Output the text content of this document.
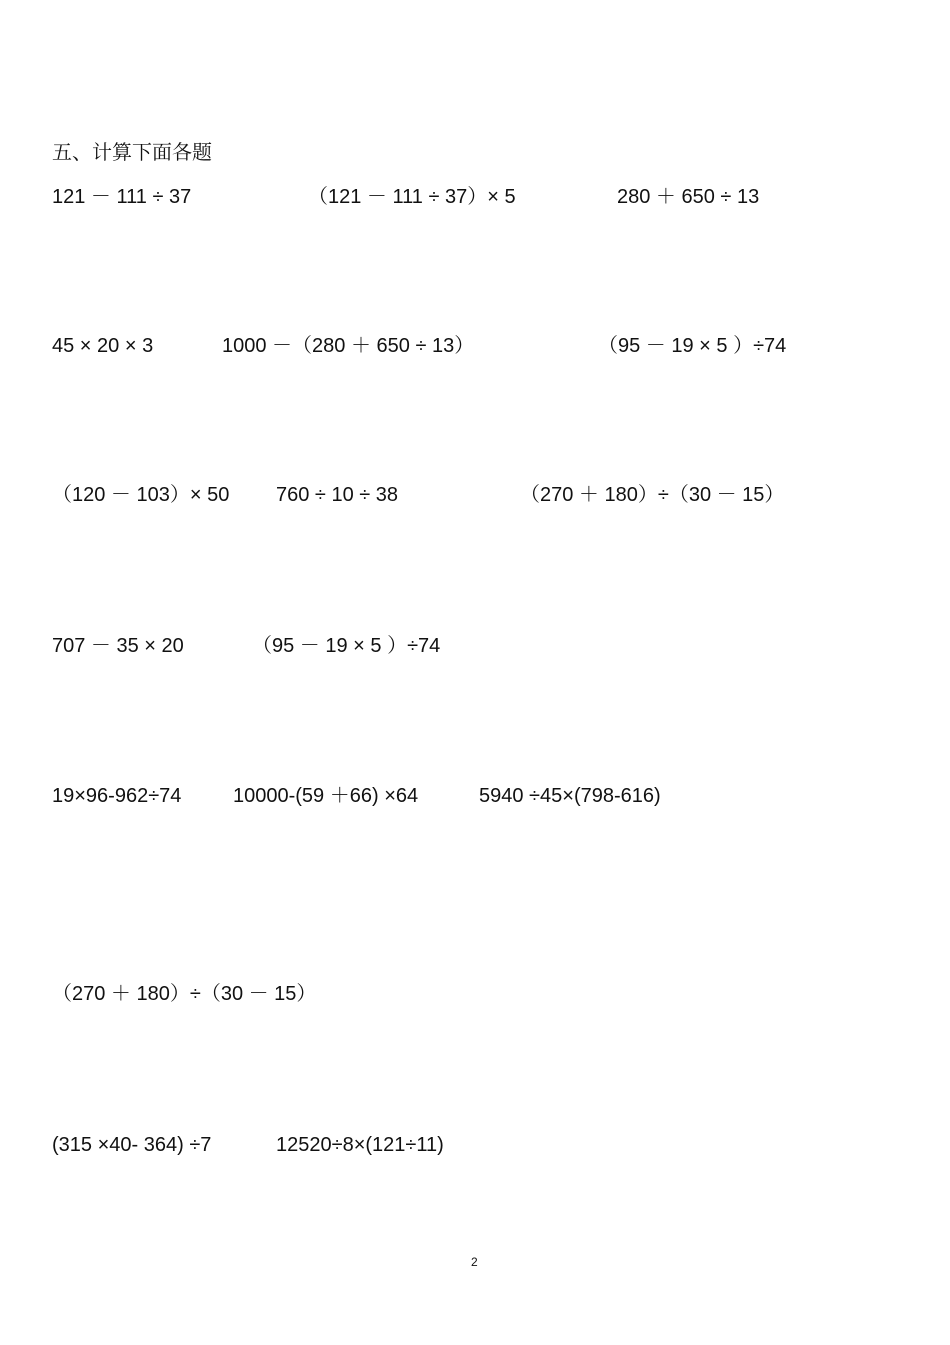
五、计算下面各题
121 － 111 ÷ 37	（121 － 111 ÷ 37）× 5	280 ＋ 650 ÷ 13
45 × 20 × 3	1000 －（280 ＋ 650 ÷ 13）	（95 － 19 × 5 ）÷74
（120 － 103）× 50 760 ÷ 10 ÷ 38	（270 ＋ 180）÷（30 － 15）
707 － 35 × 20	（95 － 19 × 5 ）÷74
19×96-962÷74	10000-(59 ＋66) ×64	5940 ÷45×(798-616)
（270 ＋ 180）÷（30 － 15）
(315 ×40- 364) ÷7	12520÷8×(121÷11)
2
